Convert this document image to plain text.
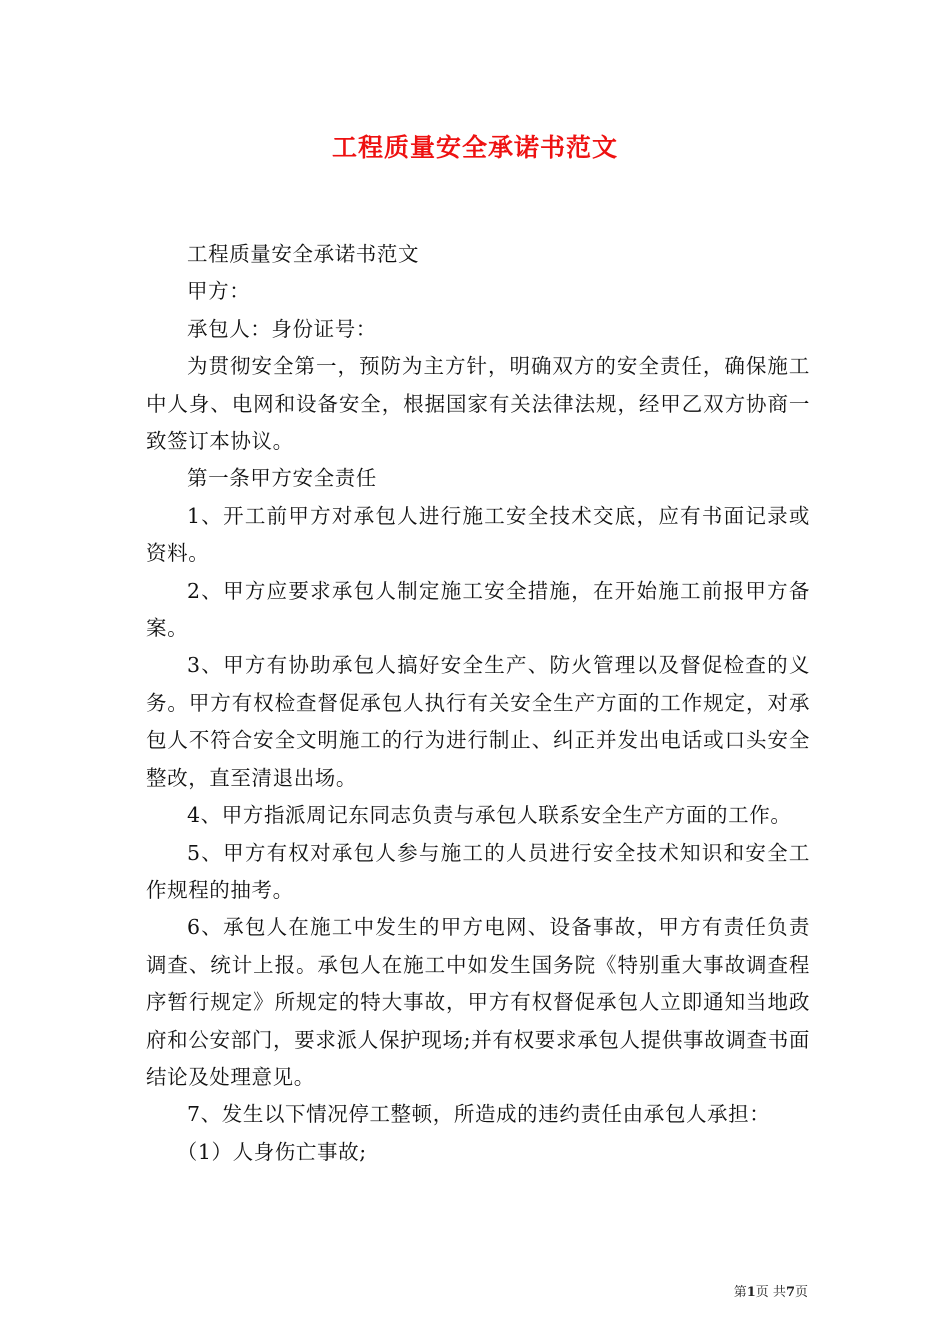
工程质量安全承诺书范文

工程质量安全承诺书范文

甲方：

承包人：身份证号：

为贯彻安全第一，预防为主方针，明确双方的安全责任，确保施工中人身、电网和设备安全，根据国家有关法律法规，经甲乙双方协商一致签订本协议。

第一条甲方安全责任

1、开工前甲方对承包人进行施工安全技术交底，应有书面记录或资料。

2、甲方应要求承包人制定施工安全措施，在开始施工前报甲方备案。

3、甲方有协助承包人搞好安全生产、防火管理以及督促检查的义务。甲方有权检查督促承包人执行有关安全生产方面的工作规定，对承包人不符合安全文明施工的行为进行制止、纠正并发出电话或口头安全整改，直至清退出场。

4、甲方指派周记东同志负责与承包人联系安全生产方面的工作。

5、甲方有权对承包人参与施工的人员进行安全技术知识和安全工作规程的抽考。

6、承包人在施工中发生的甲方电网、设备事故，甲方有责任负责调查、统计上报。承包人在施工中如发生国务院《特别重大事故调查程序暂行规定》所规定的特大事故，甲方有权督促承包人立即通知当地政府和公安部门，要求派人保护现场;并有权要求承包人提供事故调查书面结论及处理意见。

7、发生以下情况停工整顿，所造成的违约责任由承包人承担：

（1）人身伤亡事故;

第1页 共7页
